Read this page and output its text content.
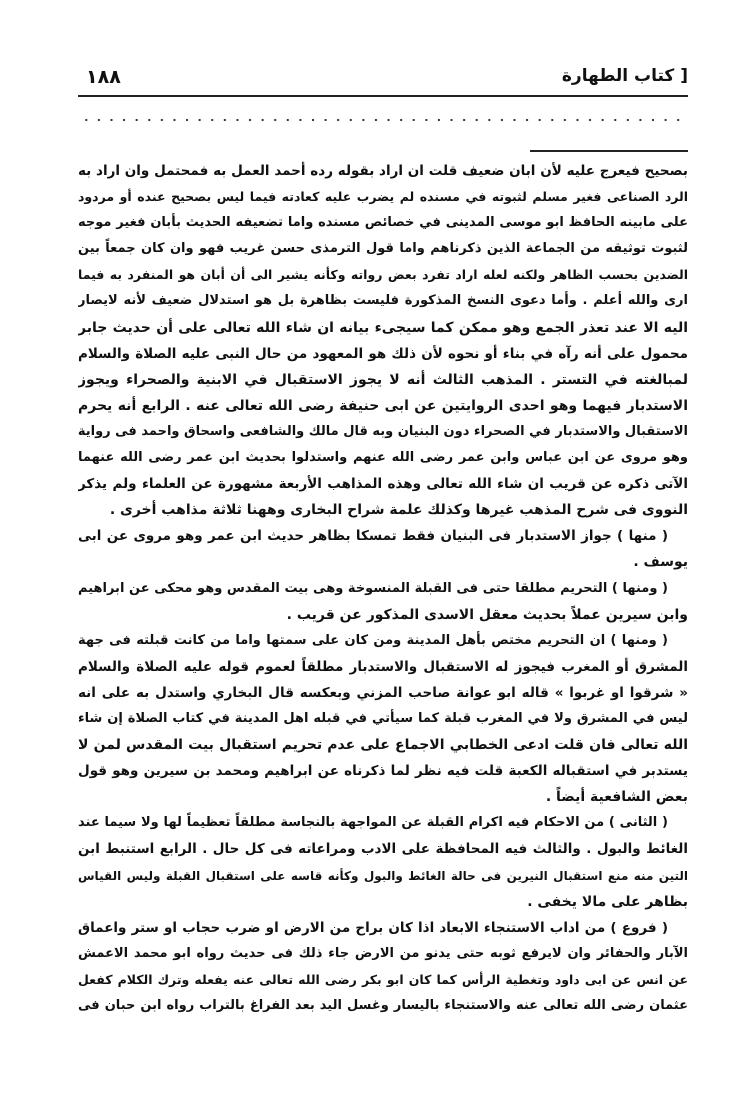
١٨٨	[ كتاب الطهارة
بصحيح فيعرج عليه لأن ابان ضعيف قلت ان اراد بقوله رده أحمد العمل به فمحتمل وان اراد به
الرد الصناعى فغير مسلم لثبوته في مسنده لم يضرب عليه كعادته فيما ليس بصحيح عنده أو مردود
على مابينه الحافظ ابو موسى المدينى في خصائص مسنده واما تضعيفه الحديث بأبان فغير موجه
لثبوت توثيقه من الجماعة الذين ذكرناهم واما قول الترمذى حسن غريب فهو وان كان جمعاً بين
الضدين بحسب الظاهر ولكنه لعله اراد تفرد بعض رواته وكأنه يشير الى أن أبان هو المنفرد به فيما
ارى والله أعلم . وأما دعوى النسخ المذكورة فليست بظاهرة بل هو استدلال ضعيف لأنه لايصار
اليه الا عند تعذر الجمع وهو ممكن كما سيجىء بيانه ان شاء الله تعالى على أن حديث جابر
محمول على أنه رآه في بناء أو نحوه لأن ذلك هو المعهود من حال النبى عليه الصلاة والسلام
لمبالغته في التستر . المذهب الثالث أنه لا يجوز الاستقبال في الابنية والصحراء ويجوز
الاستدبار فيهما وهو احدى الروايتين عن ابى حنيفة رضى الله تعالى عنه . الرابع أنه يحرم
الاستقبال والاستدبار في الصحراء دون البنيان وبه قال مالك والشافعى واسحاق واحمد فى رواية
وهو مروى عن ابن عباس وابن عمر رضى الله عنهم واستدلوا بحديث ابن عمر رضى الله عنهما
الآتى ذكره عن قريب ان شاء الله تعالى وهذه المذاهب الأربعة مشهورة عن العلماء ولم يذكر
النووى فى شرح المذهب غيرها وكذلك علمة شراح البخارى وههنا ثلاثة مذاهب أخرى .
( منها ) جواز الاستدبار فى البنيان فقط تمسكا بظاهر حديث ابن عمر وهو مروى عن ابى
يوسف .
( ومنها ) التحريم مطلقا حتى فى القبلة المنسوخة وهى بيت المقدس وهو محكى عن ابراهيم
وابن سيرين عملاً بحديث معقل الاسدى المذكور عن قريب .
( ومنها ) ان التحريم مختص بأهل المدينة ومن كان على سمتها واما من كانت قبلته فى جهة
المشرق أو المغرب فيجوز له الاستقبال والاستدبار مطلقاً لعموم قوله عليه الصلاة والسلام
« شرقوا او غربوا » قاله ابو عوانة صاحب المزني وبعكسه قال البخاري واستدل به على انه
ليس في المشرق ولا في المغرب قبلة كما سيأتي في قبله اهل المدينة في كتاب الصلاة إن شاء
الله تعالى فان قلت ادعى الخطابي الاجماع على عدم تحريم استقبال بيت المقدس لمن لا
يستدبر في استقباله الكعبة قلت فيه نظر لما ذكرناه عن ابراهيم ومحمد بن سيرين وهو قول
بعض الشافعية أيضاً .
( الثانى ) من الاحكام فيه اكرام القبلة عن المواجهة بالنجاسة مطلقاً تعظيماً لها ولا سيما عند
الغائط والبول . والثالث فيه المحافظة على الادب ومراعاته فى كل حال . الرابع استنبط ابن
التين منه منع استقبال النيرين فى حالة الغائط والبول وكأنه قاسه على استقبال القبلة وليس القياس
بظاهر على مالا يخفى .
( فروع ) من اداب الاستنجاء الابعاد اذا كان براح من الارض او ضرب حجاب او ستر واعماق
الآبار والحفائر وان لايرفع ثوبه حتى يدنو من الارض جاء ذلك فى حديث رواه ابو محمد الاعمش
عن انس عن ابى داود وتغطية الرأس كما كان ابو بكر رضى الله تعالى عنه يفعله وترك الكلام كفعل
عثمان رضى الله تعالى عنه والاستنجاء باليسار وغسل اليد بعد الفراغ بالتراب رواه ابن حبان فى
